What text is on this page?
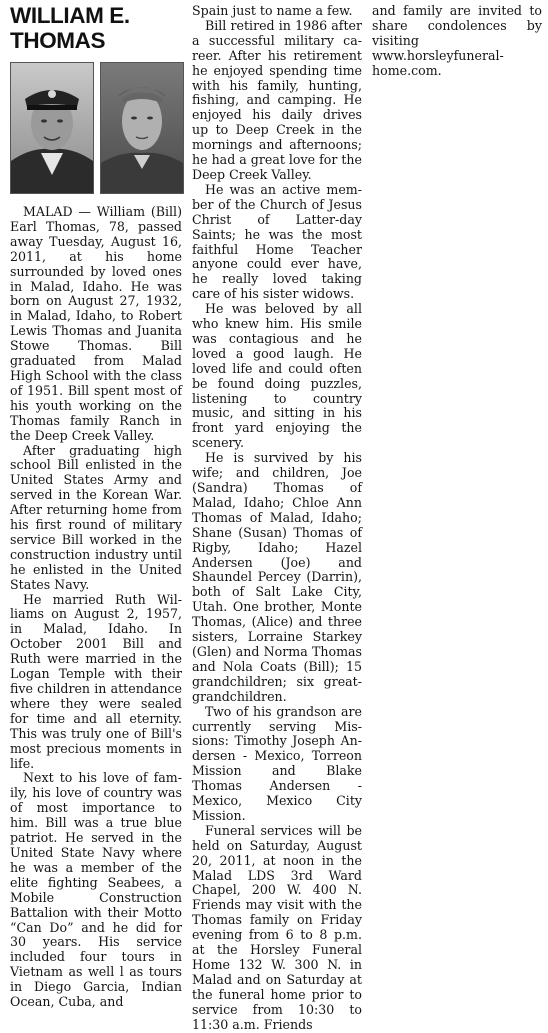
WILLIAM E.
THOMAS

MALAD — William (Bill) Earl Thomas, 78, passed away Tuesday, August 16, 2011, at his home surrounded by loved ones in Malad, Idaho. He was born on August 27, 1932, in Malad, Idaho, to Robert Lewis Thomas and Juanita Stowe Thomas. Bill graduated from Malad High School with the class of 1951. Bill spent most of his youth working on the Thomas family Ranch in the Deep Creek Valley.

After graduating high school Bill enlisted in the United States Army and served in the Korean War. After returning home from his first round of military service Bill worked in the construction industry until he enlisted in the United States Navy.

He married Ruth Williams on August 2, 1957, in Malad, Idaho. In October 2001 Bill and Ruth were married in the Logan Temple with their five children in attendance where they were sealed for time and all eternity. This was truly one of Bill's most precious moments in life.

Next to his love of family, his love of country was of most importance to him. Bill was a true blue patriot. He served in the United State Navy where he was a member of the elite fighting Seabees, a Mobile Construction Battalion with their Motto “Can Do” and he did for 30 years. His service included four tours in Vietnam as well l as tours in Diego Garcia, Indian Ocean, Cuba, and

Spain just to name a few.

Bill retired in 1986 after a successful military career. After his retirement he enjoyed spending time with his family, hunting, fishing, and camping. He enjoyed his daily drives up to Deep Creek in the mornings and afternoons; he had a great love for the Deep Creek Valley.

He was an active member of the Church of Jesus Christ of Latter-day Saints; he was the most faithful Home Teacher anyone could ever have, he really loved taking care of his sister widows.

He was beloved by all who knew him. His smile was contagious and he loved a good laugh. He loved life and could often be found doing puzzles, listening to country music, and sitting in his front yard enjoying the scenery.

He is survived by his wife; and children, Joe (Sandra) Thomas of Malad, Idaho; Chloe Ann Thomas of Malad, Idaho; Shane (Susan) Thomas of Rigby, Idaho; Hazel Andersen (Joe) and Shaundel Percey (Darrin), both of Salt Lake City, Utah. One brother, Monte Thomas, (Alice) and three sisters, Lorraine Starkey (Glen) and Norma Thomas and Nola Coats (Bill); 15 grandchildren; six great-grandchildren.

Two of his grandson are currently serving Missions: Timothy Joseph Andersen - Mexico, Torreon Mission and Blake Thomas Andersen - Mexico, Mexico City Mission.

Funeral services will be held on Saturday, August 20, 2011, at noon in the Malad LDS 3rd Ward Chapel, 200 W. 400 N. Friends may visit with the Thomas family on Friday evening from 6 to 8 p.m. at the Horsley Funeral Home 132 W. 300 N. in Malad and on Saturday at the funeral home prior to service from 10:30 to 11:30 a.m. Friends

and family are invited to share condolences by visiting www.horsleyfuneralhome.com.
